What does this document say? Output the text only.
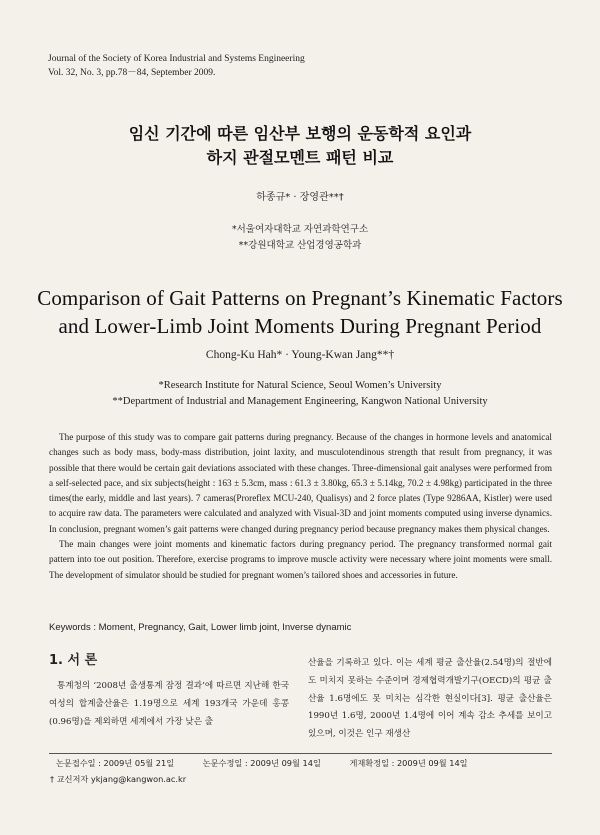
Journal of the Society of Korea Industrial and Systems Engineering
Vol. 32, No. 3, pp.78－84, September 2009.
임신 기간에 따른 임산부 보행의 운동학적 요인과
하지 관절모멘트 패턴 비교
하종규* · 장영관**†
*서울여자대학교 자연과학연구소
**강원대학교 산업경영공학과
Comparison of Gait Patterns on Pregnant’s Kinematic Factors
and Lower-Limb Joint Moments During Pregnant Period
Chong-Ku Hah* · Young-Kwan Jang**†
*Research Institute for Natural Science, Seoul Women’s University
**Department of Industrial and Management Engineering, Kangwon National University

The purpose of this study was to compare gait patterns during pregnancy. Because of the changes in hormone levels and anatomical changes such as body mass, body-mass distribution, joint laxity, and musculotendinous strength that result from pregnancy, it was possible that there would be certain gait deviations associated with these changes. Three-dimensional gait analyses were performed from a self-selected pace, and six subjects(height : 163 ± 5.3cm, mass : 61.3 ± 3.80kg, 65.3 ± 5.14kg, 70.2 ± 4.98kg) participated in the three times(the early, middle and last years). 7 cameras(Proreflex MCU-240, Qualisys) and 2 force plates (Type 9286AA, Kistler) were used to acquire raw data. The parameters were calculated and analyzed with Visual-3D and joint moments computed using inverse dynamics. In conclusion, pregnant women’s gait patterns were changed during pregnancy period because pregnancy makes them physical changes.

The main changes were joint moments and kinematic factors during pregnancy period. The pregnancy transformed normal gait pattern into toe out position. Therefore, exercise programs to improve muscle activity were necessary where joint moments were small. The development of simulator should be studied for pregnant women’s tailored shoes and accessories in future.

Keywords : Moment, Pregnancy, Gait, Lower limb joint, Inverse dynamic
1. 서 론

통계청의 ‘2008년 출생통계 잠정 결과’에 따르면 지난해 한국 여성의 합계출산율은 1.19명으로 세계 193개국 가운데 홍콩(0.96명)을 제외하면 세계에서 가장 낮은 출

산율을 기록하고 있다. 이는 세계 평균 출산율(2.54명)의 절반에도 미치지 못하는 수준이며 경제협력개발기구(OECD)의 평균 출산율 1.6명에도 못 미치는 심각한 현실이다[3]. 평균 출산율은 1990년 1.6명, 2000년 1.4명에 이어 계속 감소 추세를 보이고 있으며, 이것은 인구 재생산

논문접수일 : 2009년 05월 21일	논문수정일 : 2009년 09월 14일	게재확정일 : 2009년 09월 14일
† 교신저자 ykjang@kangwon.ac.kr
